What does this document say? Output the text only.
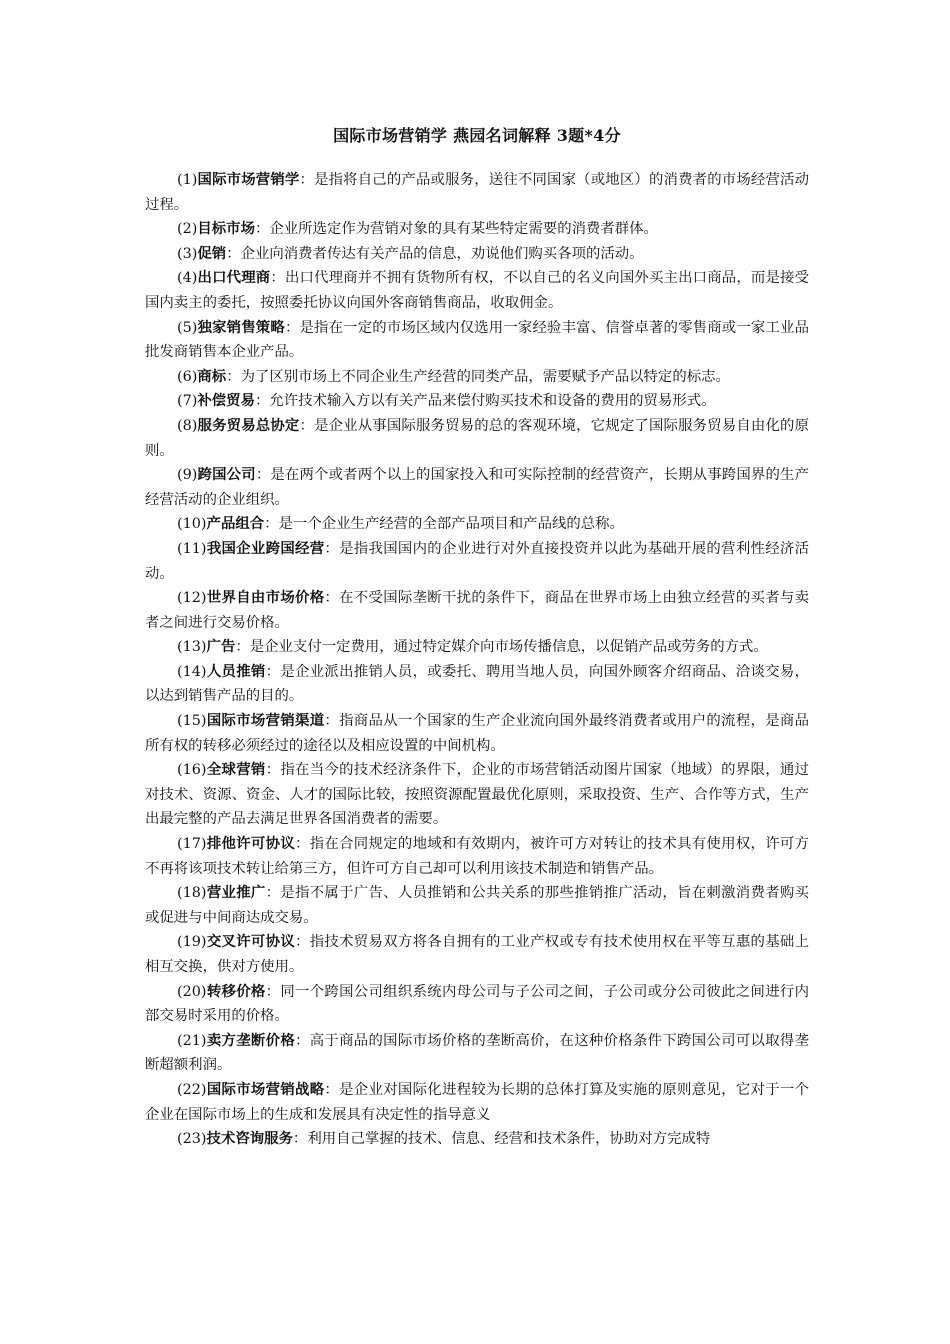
国际市场营销学 燕园名词解释 3题*4分

(1)国际市场营销学：是指将自己的产品或服务，送往不同国家（或地区）的消费者的市场经营活动过程。

(2)目标市场：企业所选定作为营销对象的具有某些特定需要的消费者群体。

(3)促销：企业向消费者传达有关产品的信息，劝说他们购买各项的活动。

(4)出口代理商：出口代理商并不拥有货物所有权，不以自己的名义向国外买主出口商品，而是接受国内卖主的委托，按照委托协议向国外客商销售商品，收取佣金。

(5)独家销售策略：是指在一定的市场区域内仅选用一家经验丰富、信誉卓著的零售商或一家工业品批发商销售本企业产品。

(6)商标：为了区别市场上不同企业生产经营的同类产品，需要赋予产品以特定的标志。

(7)补偿贸易：允许技术输入方以有关产品来偿付购买技术和设备的费用的贸易形式。

(8)服务贸易总协定：是企业从事国际服务贸易的总的客观环境，它规定了国际服务贸易自由化的原则。

(9)跨国公司：是在两个或者两个以上的国家投入和可实际控制的经营资产，长期从事跨国界的生产经营活动的企业组织。

(10)产品组合：是一个企业生产经营的全部产品项目和产品线的总称。

(11)我国企业跨国经营：是指我国国内的企业进行对外直接投资并以此为基础开展的营利性经济活动。

(12)世界自由市场价格：在不受国际垄断干扰的条件下，商品在世界市场上由独立经营的买者与卖者之间进行交易价格。

(13)广告：是企业支付一定费用，通过特定媒介向市场传播信息，以促销产品或劳务的方式。

(14)人员推销：是企业派出推销人员，或委托、聘用当地人员，向国外顾客介绍商品、洽谈交易，以达到销售产品的目的。

(15)国际市场营销渠道：指商品从一个国家的生产企业流向国外最终消费者或用户的流程，是商品所有权的转移必须经过的途径以及相应设置的中间机构。

(16)全球营销：指在当今的技术经济条件下，企业的市场营销活动图片国家（地域）的界限，通过对技术、资源、资金、人才的国际比较，按照资源配置最优化原则，采取投资、生产、合作等方式，生产出最完整的产品去满足世界各国消费者的需要。

(17)排他许可协议：指在合同规定的地域和有效期内，被许可方对转让的技术具有使用权，许可方不再将该项技术转让给第三方，但许可方自己却可以利用该技术制造和销售产品。

(18)营业推广：是指不属于广告、人员推销和公共关系的那些推销推广活动，旨在刺激消费者购买或促进与中间商达成交易。

(19)交叉许可协议：指技术贸易双方将各自拥有的工业产权或专有技术使用权在平等互惠的基础上相互交换，供对方使用。

(20)转移价格：同一个跨国公司组织系统内母公司与子公司之间，子公司或分公司彼此之间进行内部交易时采用的价格。

(21)卖方垄断价格：高于商品的国际市场价格的垄断高价，在这种价格条件下跨国公司可以取得垄断超额利润。

(22)国际市场营销战略：是企业对国际化进程较为长期的总体打算及实施的原则意见，它对于一个企业在国际市场上的生成和发展具有决定性的指导意义

(23)技术咨询服务：利用自己掌握的技术、信息、经营和技术条件，协助对方完成特
